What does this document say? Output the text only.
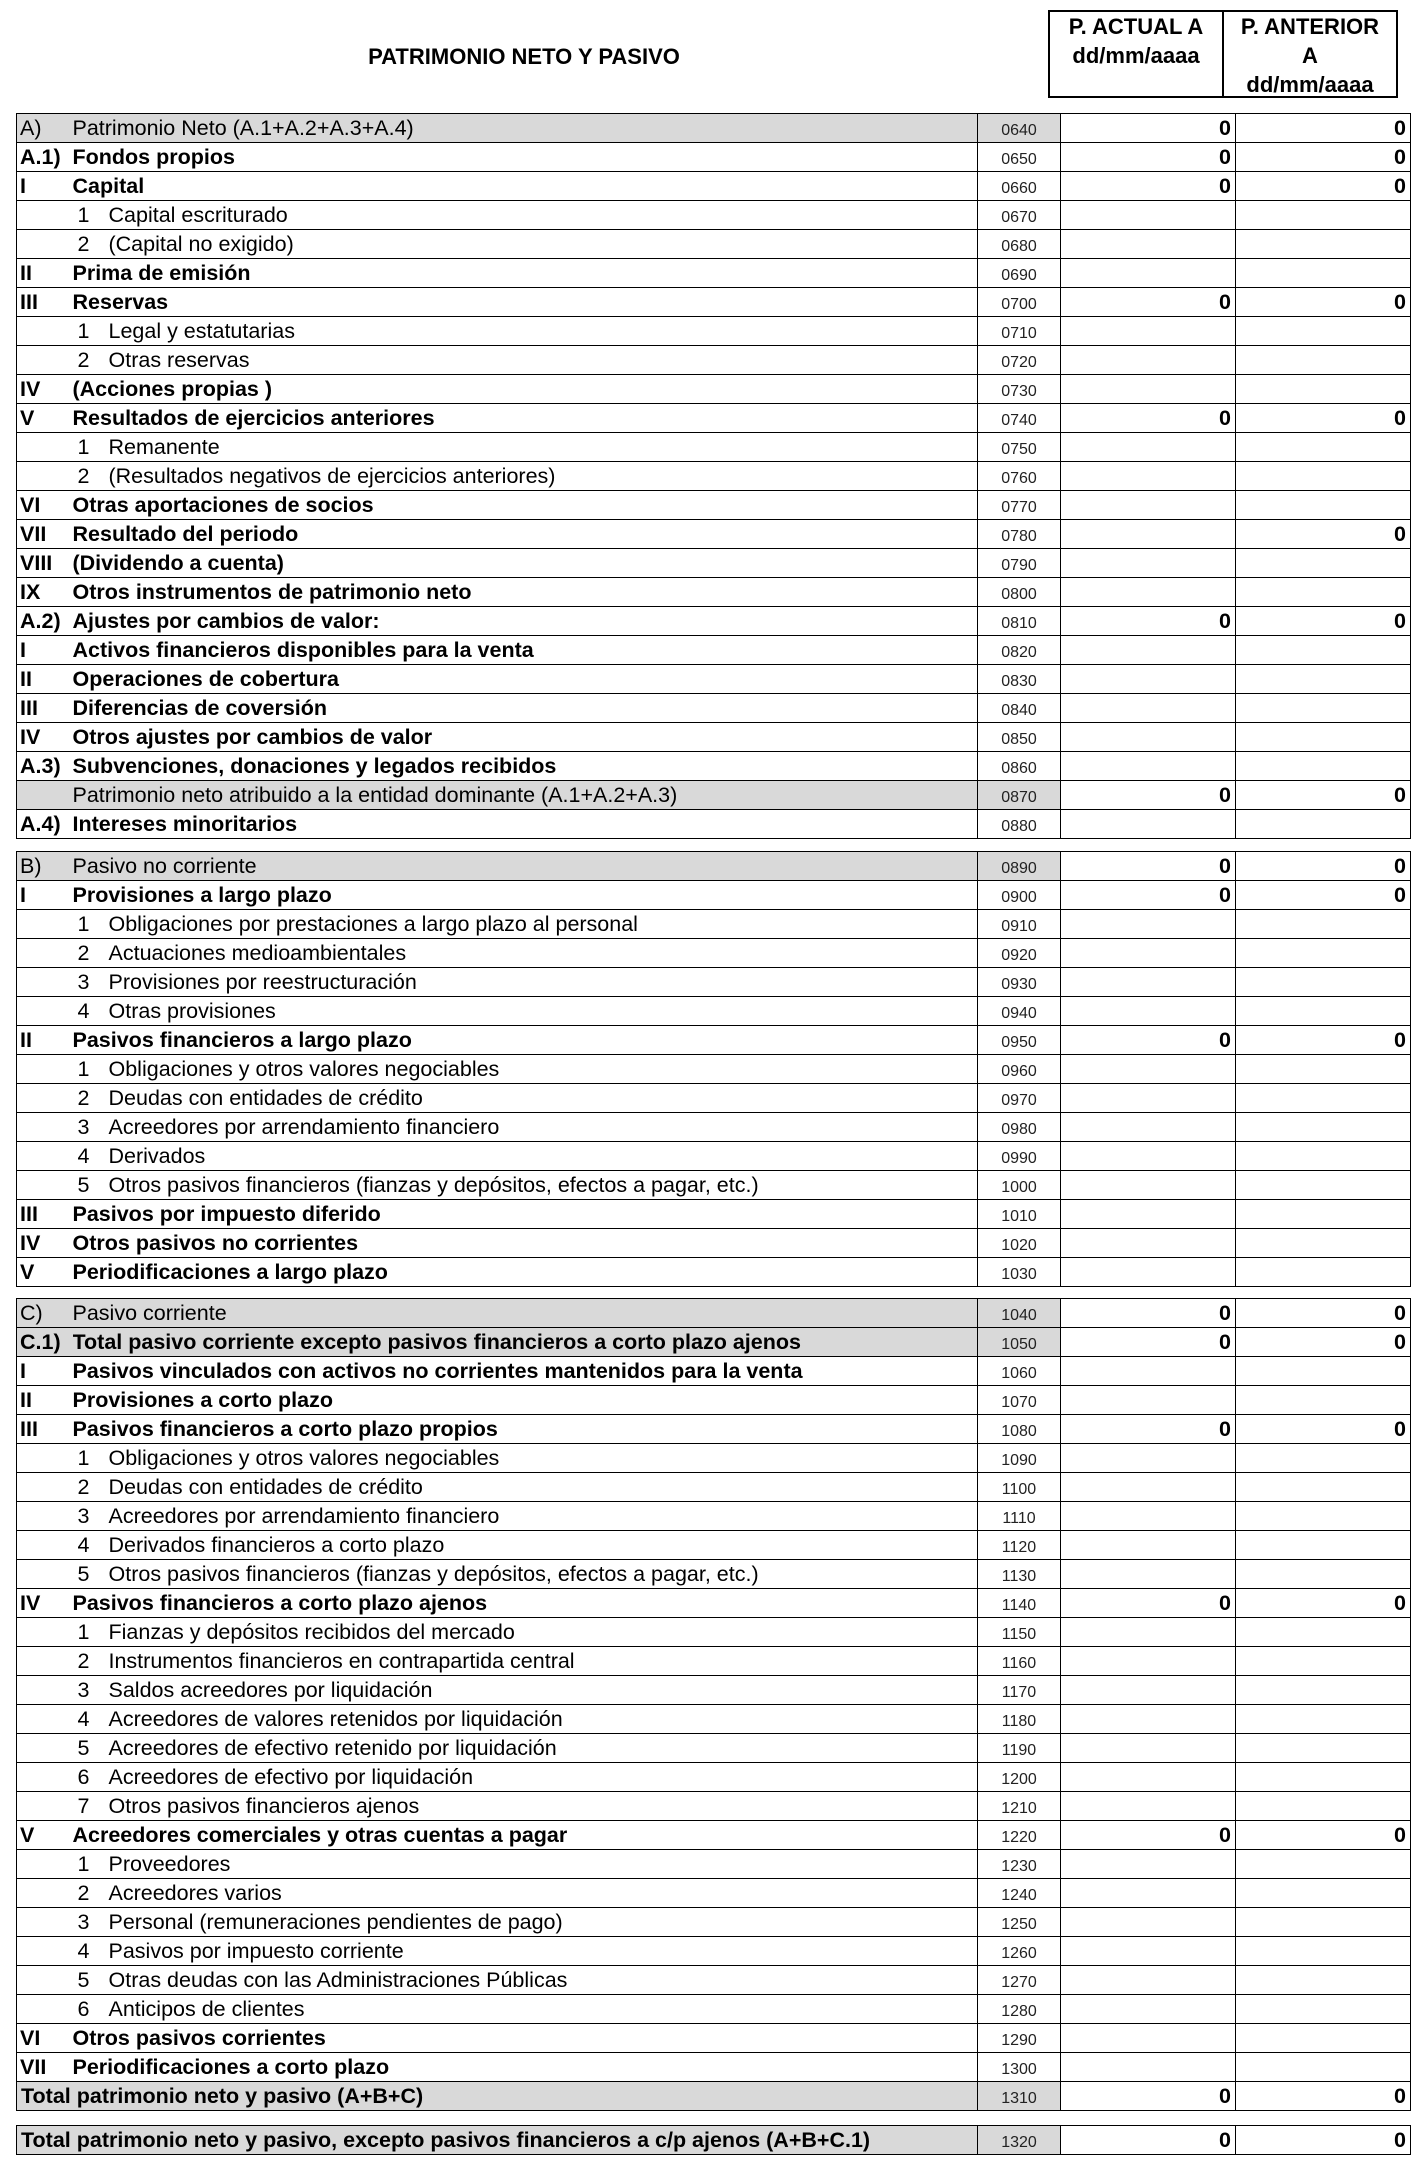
PATRIMONIO NETO Y PASIVO
P. ACTUAL A
dd/mm/aaaa
P. ANTERIOR
A
dd/mm/aaaa
A)	Patrimonio Neto (A.1+A.2+A.3+A.4)	0640	0	0
A.1)	Fondos propios	0650	0	0
I	Capital	0660	0	0
	1 Capital escriturado	0670		
	2 (Capital no exigido)	0680		
II	Prima de emisión	0690		
III	Reservas	0700	0	0
	1 Legal y estatutarias	0710		
	2 Otras reservas	0720		
IV	(Acciones propias )	0730		
V	Resultados de ejercicios anteriores	0740	0	0
	1 Remanente	0750		
	2 (Resultados negativos de ejercicios anteriores)	0760		
VI	Otras aportaciones de socios	0770		
VII	Resultado del periodo	0780		0
VIII	(Dividendo a cuenta)	0790		
IX	Otros instrumentos de patrimonio neto	0800		
A.2)	Ajustes por cambios de valor:	0810	0	0
I	Activos financieros disponibles para la venta	0820		
II	Operaciones de cobertura	0830		
III	Diferencias de coversión	0840		
IV	Otros ajustes por cambios de valor	0850		
A.3)	Subvenciones, donaciones y legados recibidos	0860		
	Patrimonio neto atribuido a la entidad dominante (A.1+A.2+A.3)	0870	0	0
A.4)	Intereses minoritarios	0880		
B)	Pasivo no corriente	0890	0	0
I	Provisiones a largo plazo	0900	0	0
	1 Obligaciones por prestaciones a largo plazo al personal	0910		
	2 Actuaciones medioambientales	0920		
	3 Provisiones por reestructuración	0930		
	4 Otras provisiones	0940		
II	Pasivos financieros a largo plazo	0950	0	0
	1 Obligaciones y otros valores negociables	0960		
	2 Deudas con entidades de crédito	0970		
	3 Acreedores por arrendamiento financiero	0980		
	4 Derivados	0990		
	5 Otros pasivos financieros (fianzas y depósitos, efectos a pagar, etc.)	1000		
III	Pasivos por impuesto diferido	1010		
IV	Otros pasivos no corrientes	1020		
V	Periodificaciones a largo plazo	1030		
C)	Pasivo corriente	1040	0	0
C.1)	Total pasivo corriente excepto pasivos financieros a corto plazo ajenos	1050	0	0
I	Pasivos vinculados con activos no corrientes mantenidos para la venta	1060		
II	Provisiones a corto plazo	1070		
III	Pasivos financieros a corto plazo propios	1080	0	0
	1 Obligaciones y otros valores negociables	1090		
	2 Deudas con entidades de crédito	1100		
	3 Acreedores por arrendamiento financiero	1110		
	4 Derivados financieros a corto plazo	1120		
	5 Otros pasivos financieros (fianzas y depósitos, efectos a pagar, etc.)	1130		
IV	Pasivos financieros a corto plazo ajenos	1140	0	0
	1 Fianzas y depósitos recibidos del mercado	1150		
	2 Instrumentos financieros en contrapartida central	1160		
	3 Saldos acreedores por liquidación	1170		
	4 Acreedores de valores retenidos por liquidación	1180		
	5 Acreedores de efectivo retenido por liquidación	1190		
	6 Acreedores de efectivo por liquidación	1200		
	7 Otros pasivos financieros ajenos	1210		
V	Acreedores comerciales y otras cuentas a pagar	1220	0	0
	1 Proveedores	1230		
	2 Acreedores varios	1240		
	3 Personal (remuneraciones pendientes de pago)	1250		
	4 Pasivos por impuesto corriente	1260		
	5 Otras deudas con las Administraciones Públicas	1270		
	6 Anticipos de clientes	1280		
VI	Otros pasivos corrientes	1290		
VII	Periodificaciones a corto plazo	1300		
Total patrimonio neto y pasivo (A+B+C)	1310	0	0
Total patrimonio neto y pasivo, excepto pasivos financieros a c/p ajenos (A+B+C.1)	1320	0	0
